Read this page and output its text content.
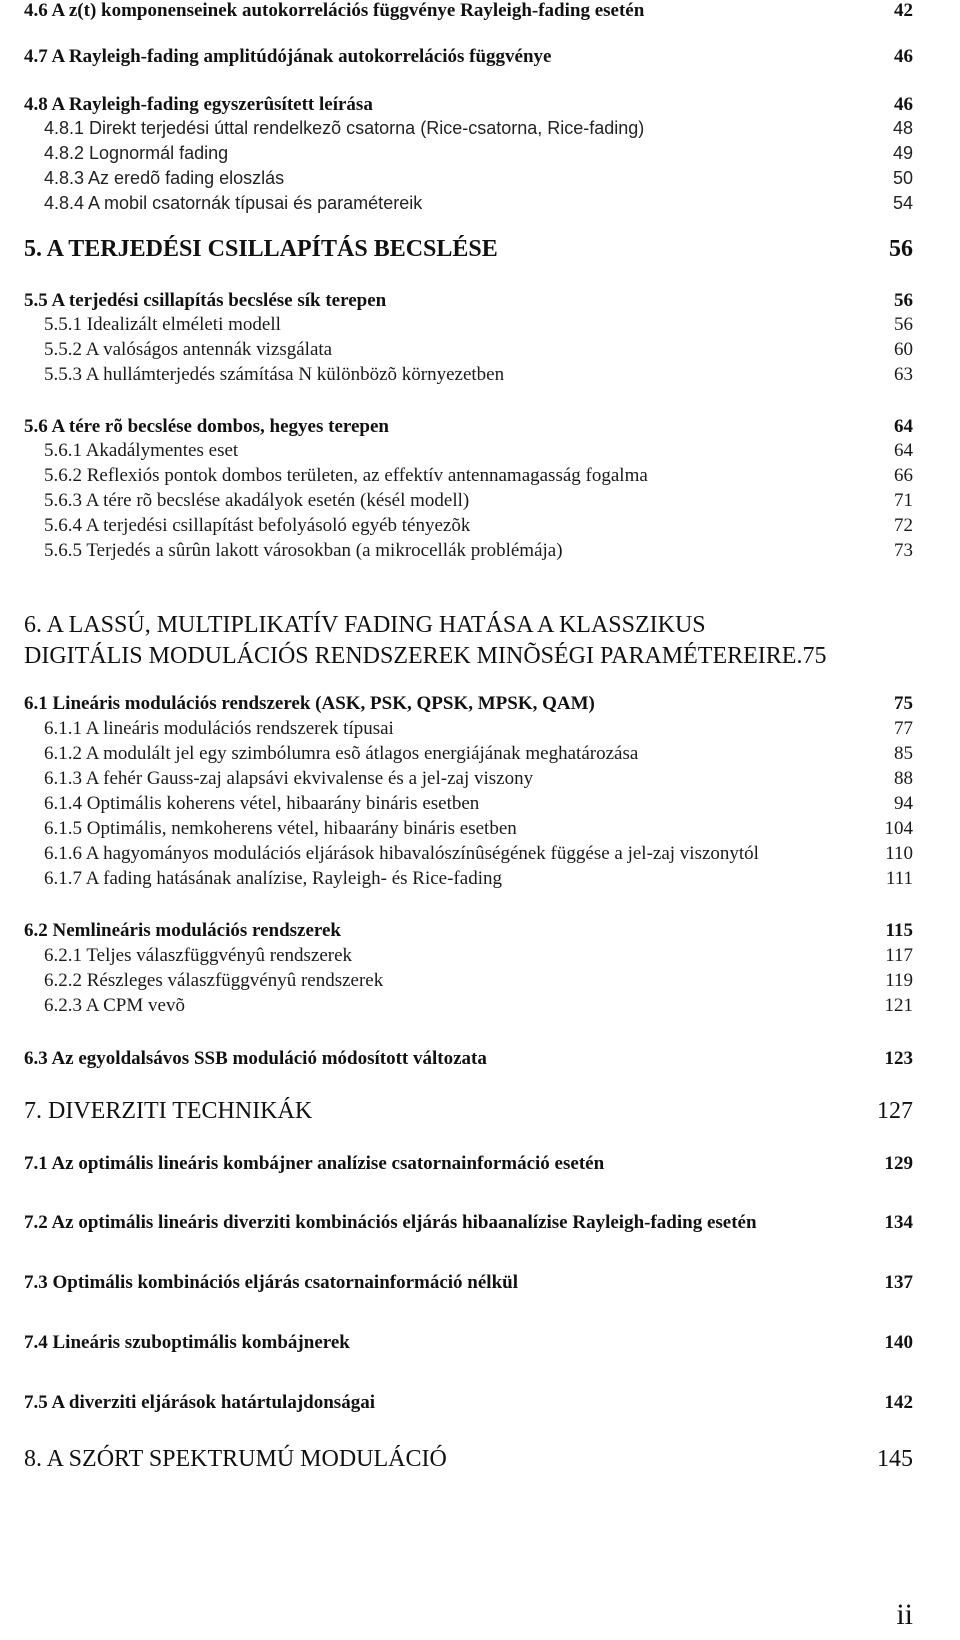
4.6 A z(t) komponenseinek autokorrelációs függvénye Rayleigh-fading esetén	42
4.7 A Rayleigh-fading amplitúdójának autokorrelációs függvénye	46
4.8 A Rayleigh-fading egyszerûsített leírása	46
4.8.1 Direkt terjedési úttal rendelkezõ csatorna (Rice-csatorna, Rice-fading)	48
4.8.2 Lognormál fading	49
4.8.3 Az eredõ fading eloszlás	50
4.8.4 A mobil csatornák típusai és paramétereik	54
5. A TERJEDÉSI CSILLAPÍTÁS BECSLÉSE	56
5.5 A terjedési csillapítás becslése sík terepen	56
5.5.1 Idealizált elméleti modell	56
5.5.2 A valóságos antennák vizsgálata	60
5.5.3 A hullámterjedés számítása N különbözõ környezetben	63
5.6 A tére rõ becslése dombos, hegyes terepen	64
5.6.1 Akadálymentes eset	64
5.6.2 Reflexiós pontok dombos területen, az effektív antennamagasság fogalma	66
5.6.3 A tére rõ becslése akadályok esetén (késél modell)	71
5.6.4 A terjedési csillapítást befolyásoló egyéb tényezõk	72
5.6.5 Terjedés a sûrûn lakott városokban (a mikrocellák problémája)	73
6. A LASSÚ, MULTIPLIKATÍV FADING HATÁSA A KLASSZIKUS
DIGITÁLIS MODULÁCIÓS RENDSZEREK MINÕSÉGI PARAMÉTEREIRE.75
6.1 Lineáris modulációs rendszerek (ASK, PSK, QPSK, MPSK, QAM)	75
6.1.1 A lineáris modulációs rendszerek típusai	77
6.1.2 A modulált jel egy szimbólumra esõ átlagos energiájának meghatározása	85
6.1.3 A fehér Gauss-zaj alapsávi ekvivalense és a jel-zaj viszony	88
6.1.4 Optimális koherens vétel, hibaarány bináris esetben	94
6.1.5 Optimális, nemkoherens vétel, hibaarány bináris esetben	104
6.1.6 A hagyományos modulációs eljárások hibavalószínûségének függése a jel-zaj viszonytól	110
6.1.7 A fading hatásának analízise, Rayleigh- és Rice-fading	111
6.2 Nemlineáris modulációs rendszerek	115
6.2.1 Teljes válaszfüggvényû rendszerek	117
6.2.2 Részleges válaszfüggvényû rendszerek	119
6.2.3 A CPM vevõ	121
6.3 Az egyoldalsávos SSB moduláció módosított változata	123
7. DIVERZITI TECHNIKÁK	127
7.1 Az optimális lineáris kombájner analízise csatornainformáció esetén	129
7.2 Az optimális lineáris diverziti kombinációs eljárás hibaanalízise Rayleigh-fading esetén	134
7.3 Optimális kombinációs eljárás csatornainformáció nélkül	137
7.4 Lineáris szuboptimális kombájnerek	140
7.5 A diverziti eljárások határtulajdonságai	142
8. A SZÓRT SPEKTRUMÚ MODULÁCIÓ	145
ii
